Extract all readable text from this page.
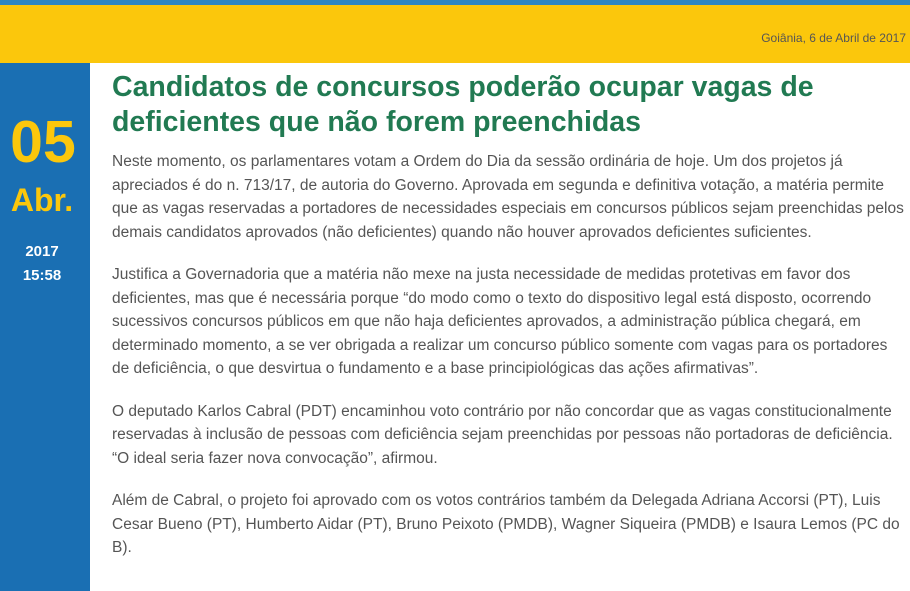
Goiânia, 6 de Abril de 2017
05
Abr.
2017
15:58
Candidatos de concursos poderão ocupar vagas de deficientes que não forem preenchidas

Neste momento, os parlamentares votam a Ordem do Dia da sessão ordinária de hoje. Um dos projetos já apreciados é do n. 713/17, de autoria do Governo. Aprovada em segunda e definitiva votação, a matéria permite que as vagas reservadas a portadores de necessidades especiais em concursos públicos sejam preenchidas pelos demais candidatos aprovados (não deficientes) quando não houver aprovados deficientes suficientes.

Justifica a Governadoria que a matéria não mexe na justa necessidade de medidas protetivas em favor dos deficientes, mas que é necessária porque “do modo como o texto do dispositivo legal está disposto, ocorrendo sucessivos concursos públicos em que não haja deficientes aprovados, a administração pública chegará, em determinado momento, a se ver obrigada a realizar um concurso público somente com vagas para os portadores de deficiência, o que desvirtua o fundamento e a base principiológicas das ações afirmativas”.

O deputado Karlos Cabral (PDT) encaminhou voto contrário por não concordar que as vagas constitucionalmente reservadas à inclusão de pessoas com deficiência sejam preenchidas por pessoas não portadoras de deficiência. “O ideal seria fazer nova convocação”, afirmou.

Além de Cabral, o projeto foi aprovado com os votos contrários também da Delegada Adriana Accorsi (PT), Luis Cesar Bueno (PT), Humberto Aidar (PT), Bruno Peixoto (PMDB), Wagner Siqueira (PMDB) e Isaura Lemos (PC do B).
